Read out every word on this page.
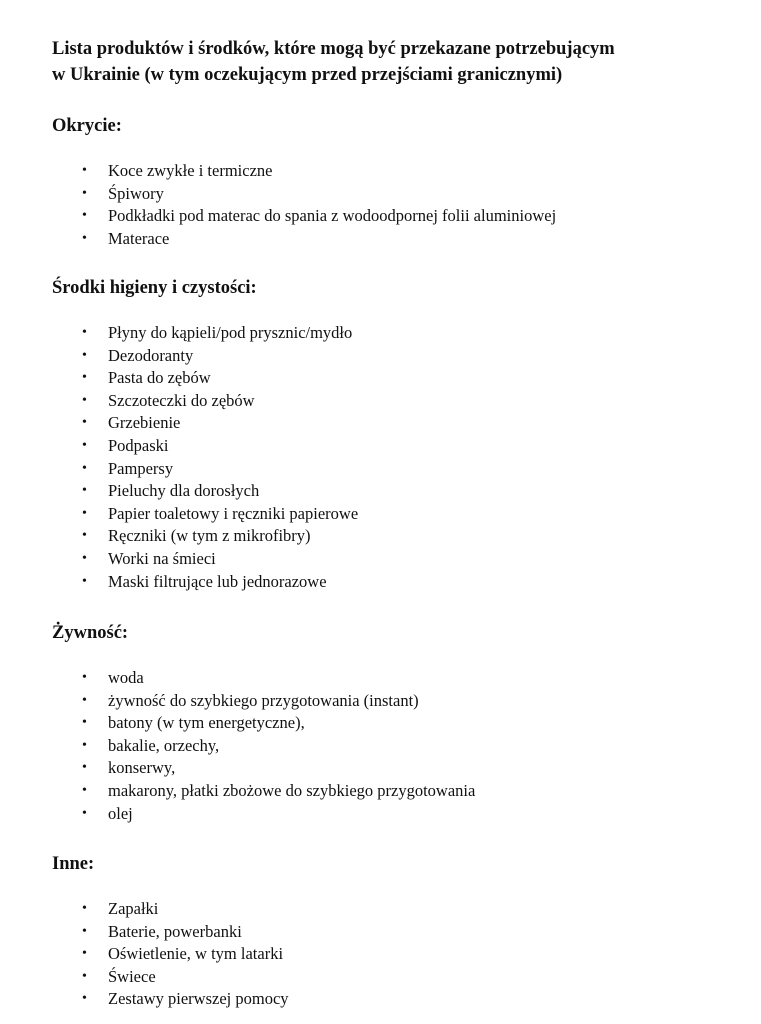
Lista produktów i środków, które mogą być przekazane potrzebującym
w Ukrainie (w tym oczekującym przed przejściami granicznymi)
Okrycie:
• Koce zwykłe i termiczne
• Śpiwory
• Podkładki pod materac do spania z wodoodpornej folii aluminiowej
• Materace
Środki higieny i czystości:
• Płyny do kąpieli/pod prysznic/mydło
• Dezodoranty
• Pasta do zębów
• Szczoteczki do zębów
• Grzebienie
• Podpaski
• Pampersy
• Pieluchy dla dorosłych
• Papier toaletowy i ręczniki papierowe
• Ręczniki (w tym z mikrofibry)
• Worki na śmieci
• Maski filtrujące lub jednorazowe
Żywność:
• woda
• żywność do szybkiego przygotowania (instant)
• batony (w tym energetyczne),
• bakalie, orzechy,
• konserwy,
• makarony, płatki zbożowe do szybkiego przygotowania
• olej
Inne:
• Zapałki
• Baterie, powerbanki
• Oświetlenie, w tym latarki
• Świece
• Zestawy pierwszej pomocy
